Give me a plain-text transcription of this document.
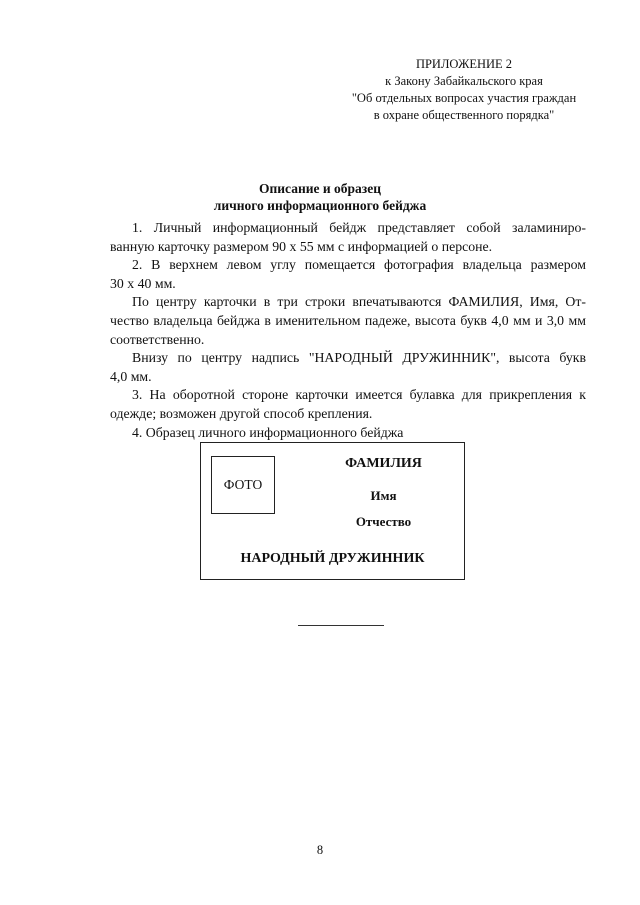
ПРИЛОЖЕНИЕ 2
к Закону Забайкальского края
"Об отдельных вопросах участия граждан
в охране общественного порядка"
Описание и образец
личного информационного бейджа
1. Личный информационный бейдж представляет собой заламиниро-
ванную карточку размером 90 х 55 мм с информацией о персоне.
2. В верхнем левом углу помещается фотография владельца размером
30 х 40 мм.
По центру карточки в три строки впечатываются ФАМИЛИЯ, Имя, От-
чество владельца бейджа в именительном падеже, высота букв 4,0 мм и 3,0 мм
соответственно.
Внизу по центру надпись "НАРОДНЫЙ ДРУЖИННИК", высота букв
4,0 мм.
3. На оборотной стороне карточки имеется булавка для прикрепления к
одежде; возможен другой способ крепления.
4. Образец личного информационного бейджа
ФОТО
ФАМИЛИЯ
Имя
Отчество
НАРОДНЫЙ ДРУЖИННИК
8
